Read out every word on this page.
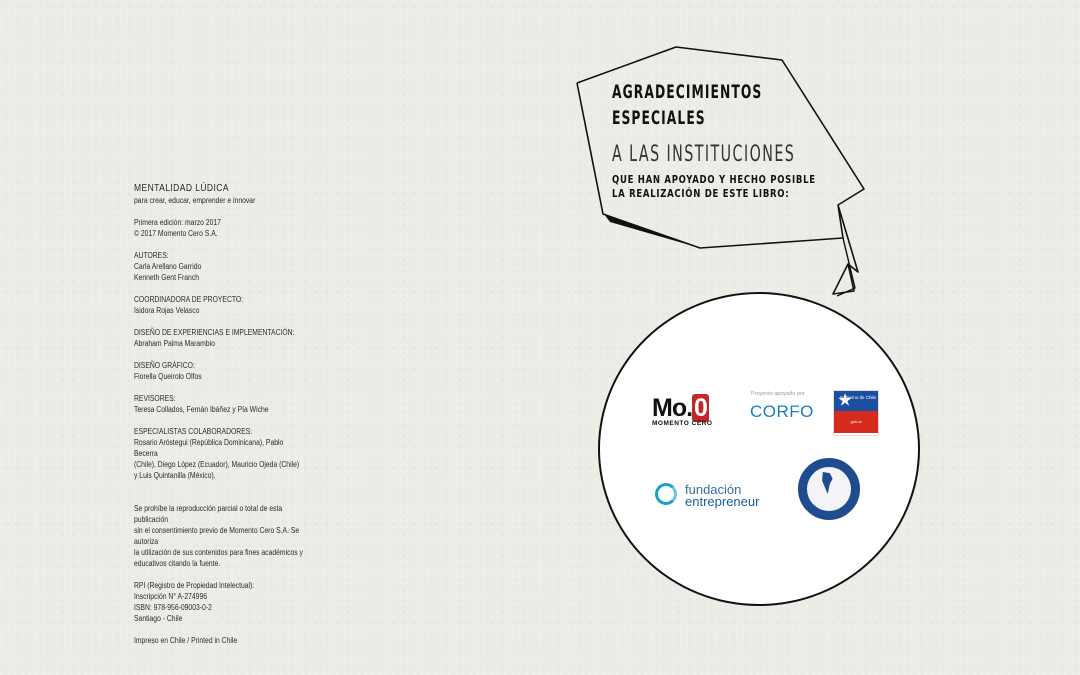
MENTALIDAD LÚDICA
para crear, educar, emprender e innovar
Primera edición: marzo 2017
© 2017 Momento Cero S.A.
AUTORES:
Carla Arellano Garrido
Kenneth Gent Franch
COORDINADORA DE PROYECTO:
Isidora Rojas Velasco
DISEÑO DE EXPERIENCIAS E IMPLEMENTACIÓN:
Abraham Palma Marambio
DISEÑO GRÁFICO:
Fiorella Queirolo Olfos
REVISORES:
Teresa Collados, Fernán Ibáñez y Pía Wiche
ESPECIALISTAS COLABORADORES:
Rosario Aróstegui (República Dominicana), Pablo Becerra
(Chile), Diego López (Ecuador), Mauricio Ojeda (Chile)
y Luis Quintanilla (México).
Se prohíbe la reproducción parcial o total de esta publicación
sin el consentimiento previo de Momento Cero S.A. Se autoriza
la utilización de sus contenidos para fines académicos y
educativos citando la fuente.
RPI (Registro de Propiedad Intelectual):
Inscripción N° A-274996
ISBN: 978-956-09003-0-2
Santiago - Chile
Impreso en Chile / Printed in Chile
AGRADECIMIENTOS
ESPECIALES
A LAS INSTITUCIONES
QUE HAN APOYADO Y HECHO POSIBLE
LA REALIZACIÓN DE ESTE LIBRO:
Mo.0
MOMENTO CERO
Proyecto apoyado por
CORFO
Gobierno de Chile
gob.cl
fundación
entrepreneur
